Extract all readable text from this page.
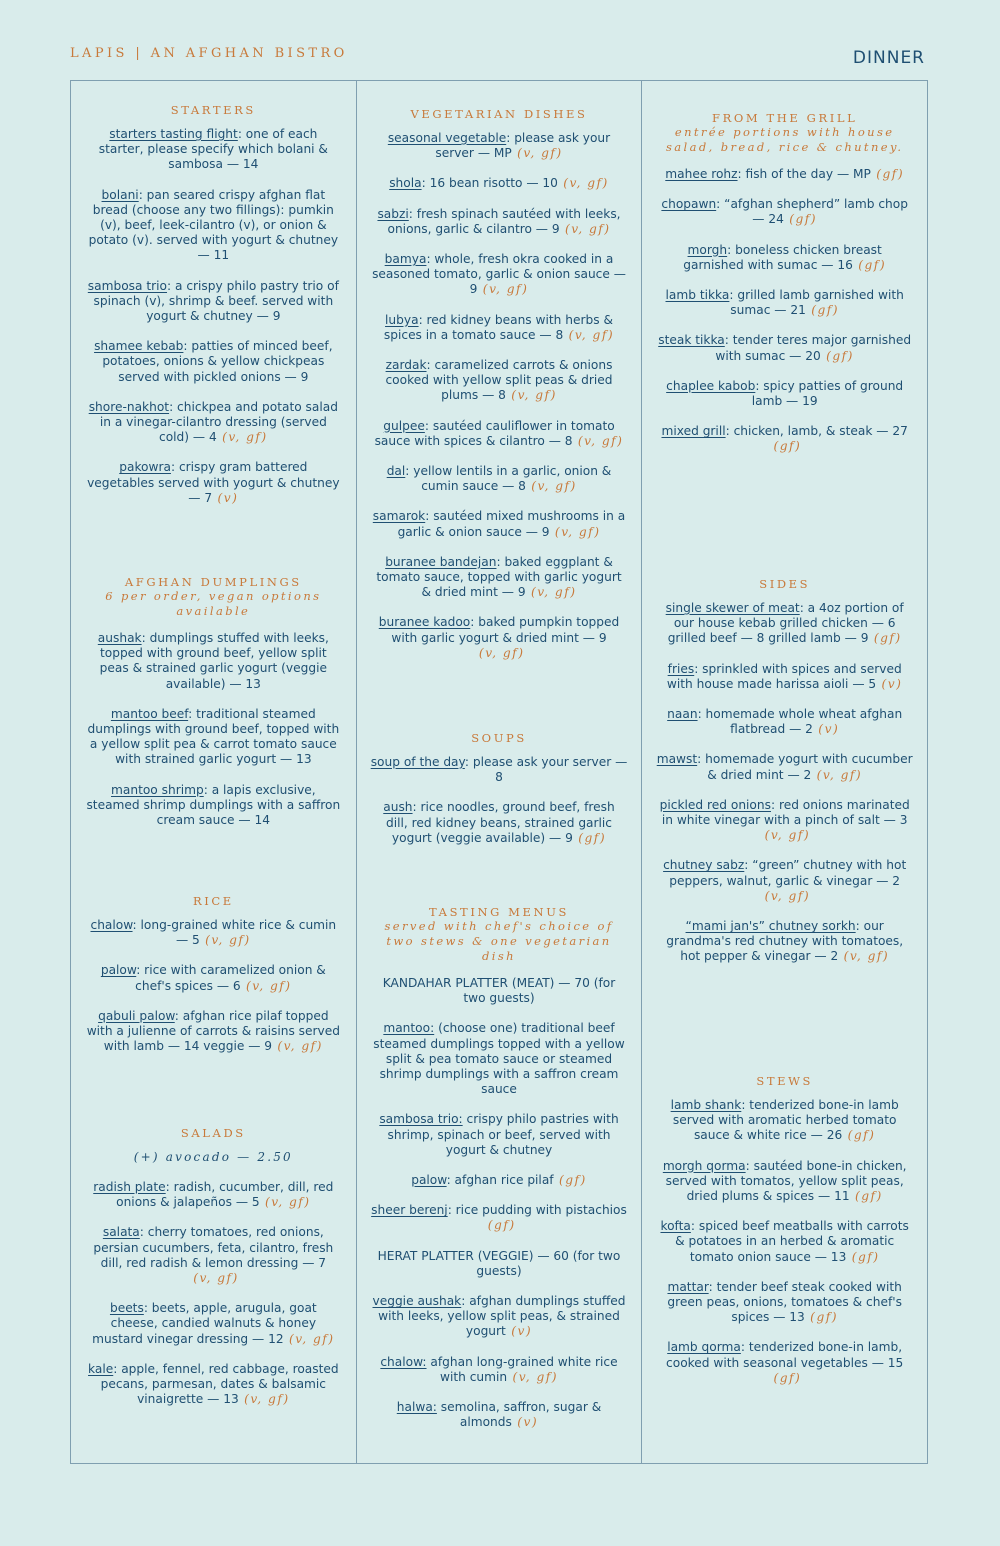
LAPIS | AN AFGHAN BISTRO	DINNER
STARTERS
starters tasting flight: one of each starter, please specify which bolani & sambosa — 14
bolani: pan seared crispy afghan flat bread (choose any two fillings): pumkin (v), beef, leek-cilantro (v), or onion & potato (v). served with yogurt & chutney — 11
sambosa trio: a crispy philo pastry trio of spinach (v), shrimp & beef. served with yogurt & chutney — 9
shamee kebab: patties of minced beef, potatoes, onions & yellow chickpeas served with pickled onions — 9
shore-nakhot: chickpea and potato salad in a vinegar-cilantro dressing (served cold) — 4 (v, gf)
pakowra: crispy gram battered vegetables served with yogurt & chutney — 7 (v)
AFGHAN DUMPLINGS
6 per order, vegan options available
aushak: dumplings stuffed with leeks, topped with ground beef, yellow split peas & strained garlic yogurt (veggie available) — 13
mantoo beef: traditional steamed dumplings with ground beef, topped with a yellow split pea & carrot tomato sauce with strained garlic yogurt — 13
mantoo shrimp: a lapis exclusive, steamed shrimp dumplings with a saffron cream sauce — 14
RICE
chalow: long-grained white rice & cumin — 5 (v, gf)
palow: rice with caramelized onion & chef's spices — 6 (v, gf)
qabuli palow: afghan rice pilaf topped with a julienne of carrots & raisins served with lamb — 14 veggie — 9 (v, gf)
SALADS
(+) avocado — 2.50
radish plate: radish, cucumber, dill, red onions & jalapeños — 5 (v, gf)
salata: cherry tomatoes, red onions, persian cucumbers, feta, cilantro, fresh dill, red radish & lemon dressing — 7 (v, gf)
beets: beets, apple, arugula, goat cheese, candied walnuts & honey mustard vinegar dressing — 12 (v, gf)
kale: apple, fennel, red cabbage, roasted pecans, parmesan, dates & balsamic vinaigrette — 13 (v, gf)
VEGETARIAN DISHES
seasonal vegetable: please ask your server — MP (v, gf)
shola: 16 bean risotto — 10 (v, gf)
sabzi: fresh spinach sautéed with leeks, onions, garlic & cilantro — 9 (v, gf)
bamya: whole, fresh okra cooked in a seasoned tomato, garlic & onion sauce — 9 (v, gf)
lubya: red kidney beans with herbs & spices in a tomato sauce — 8 (v, gf)
zardak: caramelized carrots & onions cooked with yellow split peas & dried plums — 8 (v, gf)
gulpee: sautéed cauliflower in tomato sauce with spices & cilantro — 8 (v, gf)
dal: yellow lentils in a garlic, onion & cumin sauce — 8 (v, gf)
samarok: sautéed mixed mushrooms in a garlic & onion sauce — 9 (v, gf)
buranee bandejan: baked eggplant & tomato sauce, topped with garlic yogurt & dried mint — 9 (v, gf)
buranee kadoo: baked pumpkin topped with garlic yogurt & dried mint — 9 (v, gf)
SOUPS
soup of the day: please ask your server — 8
aush: rice noodles, ground beef, fresh dill, red kidney beans, strained garlic yogurt (veggie available) — 9 (gf)
TASTING MENUS
served with chef's choice of two stews & one vegetarian dish
KANDAHAR PLATTER (MEAT) — 70 (for two guests)
mantoo: (choose one) traditional beef steamed dumplings topped with a yellow split & pea tomato sauce or steamed shrimp dumplings with a saffron cream sauce
sambosa trio: crispy philo pastries with shrimp, spinach or beef, served with yogurt & chutney
palow: afghan rice pilaf (gf)
sheer berenj: rice pudding with pistachios (gf)
HERAT PLATTER (VEGGIE) — 60 (for two guests)
veggie aushak: afghan dumplings stuffed with leeks, yellow split peas, & strained yogurt (v)
chalow: afghan long-grained white rice with cumin (v, gf)
halwa: semolina, saffron, sugar & almonds (v)
FROM THE GRILL
entrée portions with house salad, bread, rice & chutney.
mahee rohz: fish of the day — MP (gf)
chopawn: “afghan shepherd” lamb chop — 24 (gf)
morgh: boneless chicken breast garnished with sumac — 16 (gf)
lamb tikka: grilled lamb garnished with sumac — 21 (gf)
steak tikka: tender teres major garnished with sumac — 20 (gf)
chaplee kabob: spicy patties of ground lamb — 19
mixed grill: chicken, lamb, & steak — 27 (gf)
SIDES
single skewer of meat: a 4oz portion of our house kebab grilled chicken — 6 grilled beef — 8 grilled lamb — 9 (gf)
fries: sprinkled with spices and served with house made harissa aioli — 5 (v)
naan: homemade whole wheat afghan flatbread — 2 (v)
mawst: homemade yogurt with cucumber & dried mint — 2 (v, gf)
pickled red onions: red onions marinated in white vinegar with a pinch of salt — 3 (v, gf)
chutney sabz: “green” chutney with hot peppers, walnut, garlic & vinegar — 2 (v, gf)
“mami jan's” chutney sorkh: our grandma's red chutney with tomatoes, hot pepper & vinegar — 2 (v, gf)
STEWS
lamb shank: tenderized bone-in lamb served with aromatic herbed tomato sauce & white rice — 26 (gf)
morgh qorma: sautéed bone-in chicken, served with tomatos, yellow split peas, dried plums & spices — 11 (gf)
kofta: spiced beef meatballs with carrots & potatoes in an herbed & aromatic tomato onion sauce — 13 (gf)
mattar: tender beef steak cooked with green peas, onions, tomatoes & chef's spices — 13 (gf)
lamb qorma: tenderized bone-in lamb, cooked with seasonal vegetables — 15 (gf)
